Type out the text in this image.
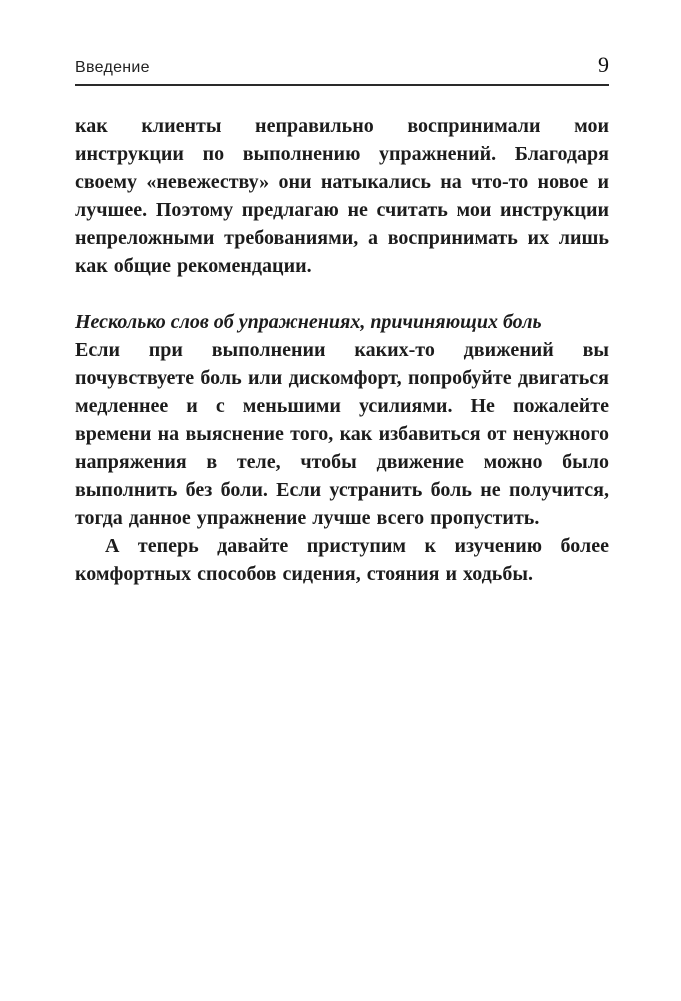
Введение	9

как клиенты неправильно воспринимали мои инструкции по выполнению упражнений. Благодаря своему «невежеству» они натыкались на что-то новое и лучшее. Поэтому предлагаю не считать мои инструкции непреложными требованиями, а воспринимать их лишь как общие рекомендации.

Несколько слов об упражнениях, причиняющих боль

Если при выполнении каких-то движений вы почувствуете боль или дискомфорт, попробуйте двигаться медленнее и с меньшими усилиями. Не пожалейте времени на выяснение того, как избавиться от ненужного напряжения в теле, чтобы движение можно было выполнить без боли. Если устранить боль не получится, тогда данное упражнение лучше всего пропустить.

А теперь давайте приступим к изучению более комфортных способов сидения, стояния и ходьбы.
